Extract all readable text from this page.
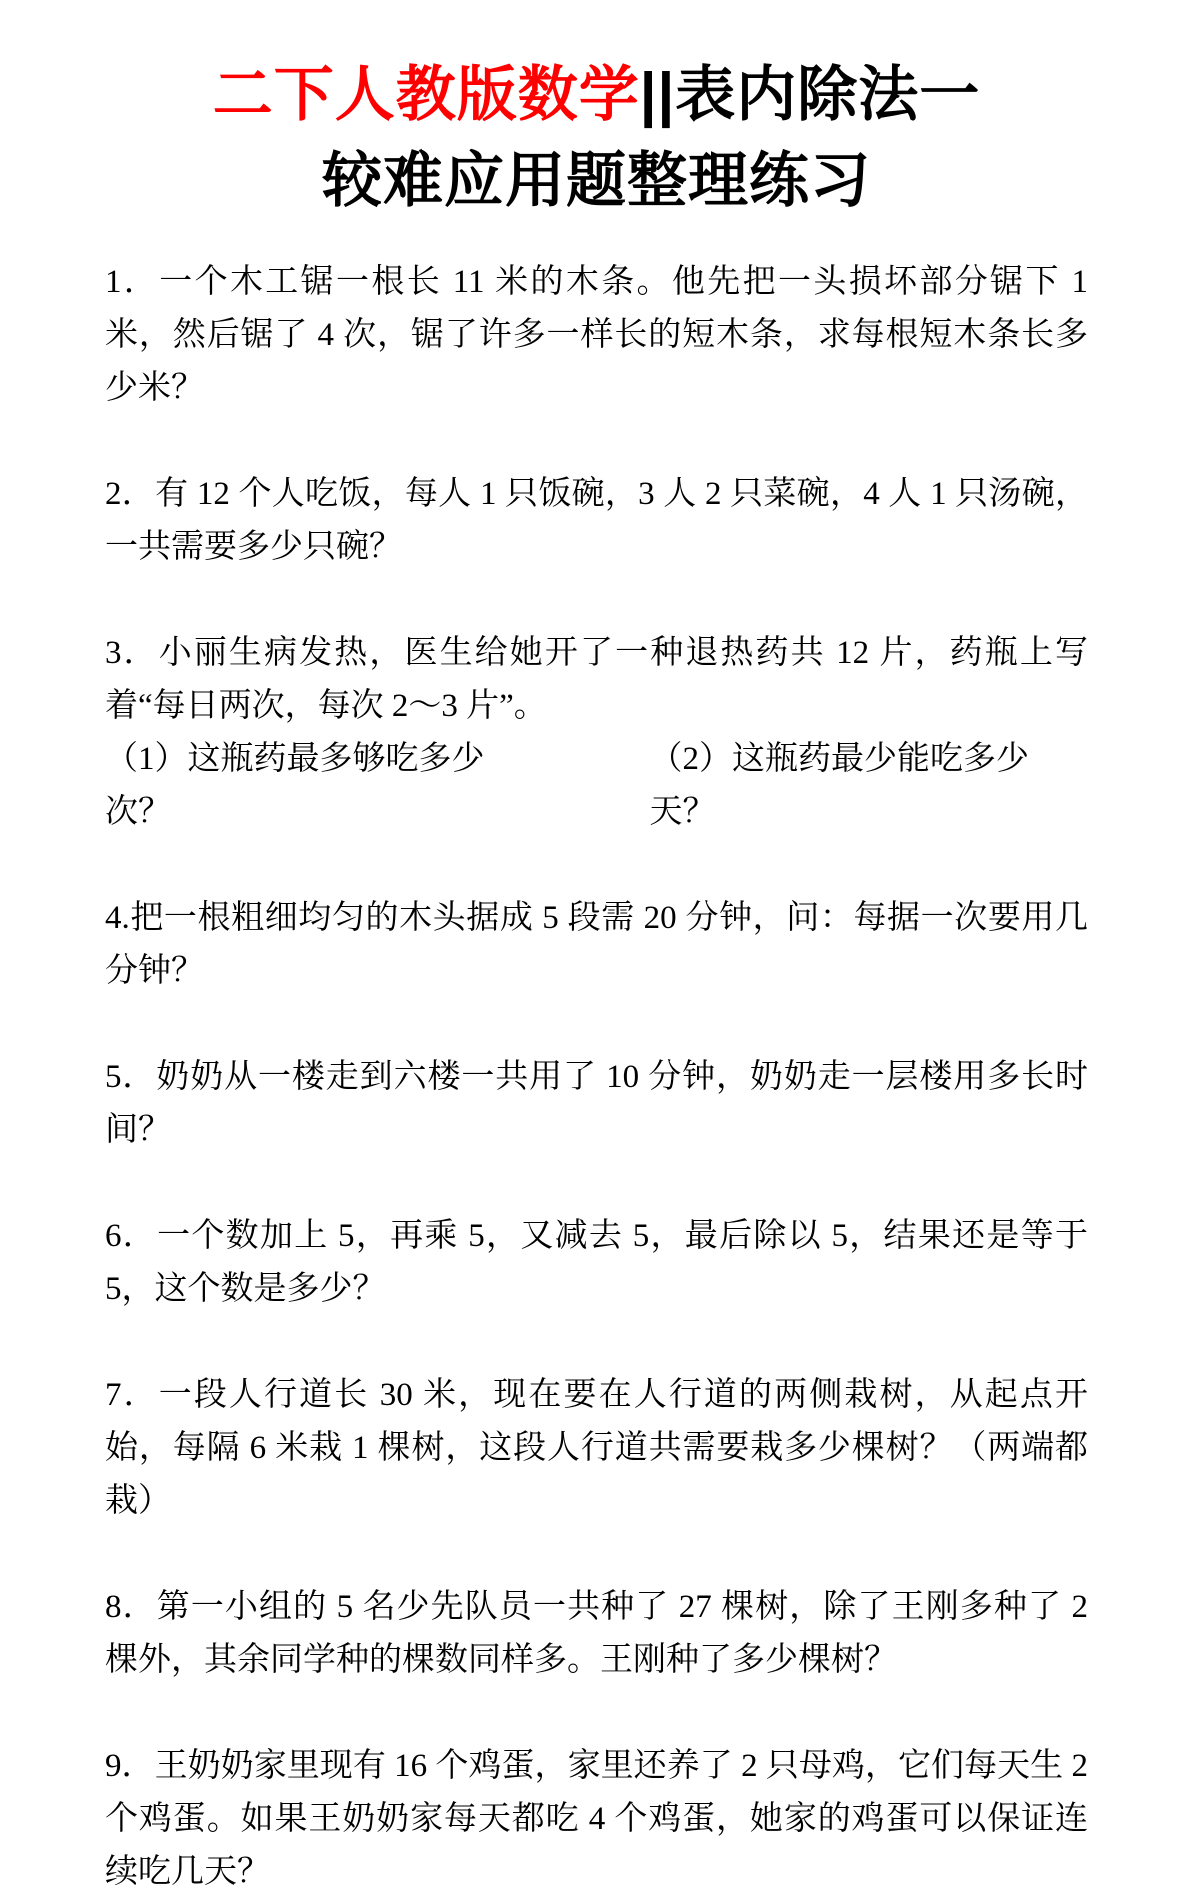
二下人教版数学||表内除法一
较难应用题整理练习

1．一个木工锯一根长 11 米的木条。他先把一头损坏部分锯下 1 米，然后锯了 4 次，锯了许多一样长的短木条，求每根短木条长多少米？

2．有 12 个人吃饭，每人 1 只饭碗，3 人 2 只菜碗，4 人 1 只汤碗，一共需要多少只碗？

3．小丽生病发热，医生给她开了一种退热药共 12 片，药瓶上写着“每日两次，每次 2～3 片”。

（1）这瓶药最多够吃多少次？
（2）这瓶药最少能吃多少天？

4.把一根粗细均匀的木头据成 5 段需 20 分钟，问：每据一次要用几分钟？

5．奶奶从一楼走到六楼一共用了 10 分钟，奶奶走一层楼用多长时间？

6．一个数加上 5，再乘 5，又减去 5，最后除以 5，结果还是等于 5，这个数是多少？

7．一段人行道长 30 米，现在要在人行道的两侧栽树，从起点开始，每隔 6 米栽 1 棵树，这段人行道共需要栽多少棵树？（两端都栽）

8．第一小组的 5 名少先队员一共种了 27 棵树，除了王刚多种了 2 棵外，其余同学种的棵数同样多。王刚种了多少棵树？

9．王奶奶家里现有 16 个鸡蛋，家里还养了 2 只母鸡，它们每天生 2 个鸡蛋。如果王奶奶家每天都吃 4 个鸡蛋，她家的鸡蛋可以保证连续吃几天？
